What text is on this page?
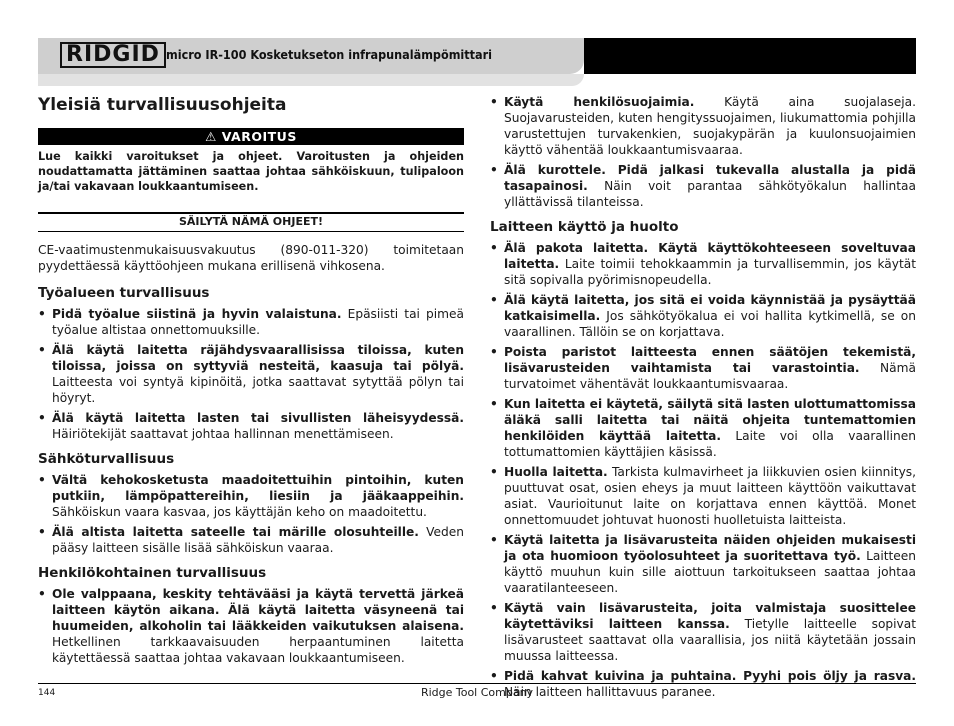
RIDGID micro IR-100 Kosketukseton infrapunalämpömittari
Yleisiä turvallisuusohjeita
⚠ VAROITUS

Lue kaikki varoitukset ja ohjeet. Varoitusten ja ohjeiden noudattamatta jättäminen saattaa johtaa sähköiskuun, tulipaloon ja/tai vakavaan loukkaantumiseen.

SÄILYTÄ NÄMÄ OHJEET!

CE-vaatimustenmukaisuusvakuutus (890-011-320) toimitetaan pyydettäessä käyttöohjeen mukana erillisenä vihkosena.

Työalueen turvallisuus
• Pidä työalue siistinä ja hyvin valaistuna. Epäsiisti tai pimeä työalue altistaa onnettomuuksille.
• Älä käytä laitetta räjähdysvaarallisissa tiloissa, kuten tiloissa, joissa on syttyviä nesteitä, kaasuja tai pölyä. Laitteesta voi syntyä kipinöitä, jotka saattavat sytyttää pölyn tai höyryt.
• Älä käytä laitetta lasten tai sivullisten läheisyydessä. Häiriötekijät saattavat johtaa hallinnan menettämiseen.
Sähköturvallisuus
• Vältä kehokosketusta maadoitettuihin pintoihin, kuten putkiin, lämpöpattereihin, liesiin ja jääkaappeihin. Sähköiskun vaara kasvaa, jos käyttäjän keho on maadoitettu.
• Älä altista laitetta sateelle tai märille olosuhteille. Veden pääsy laitteen sisälle lisää sähköiskun vaaraa.
Henkilökohtainen turvallisuus
• Ole valppaana, keskity tehtävääsi ja käytä tervettä järkeä laitteen käytön aikana. Älä käytä laitetta väsyneenä tai huumeiden, alkoholin tai lääkkeiden vaikutuksen alaisena. Hetkellinen tarkkaavaisuuden herpaantuminen laitetta käytettäessä saattaa johtaa vakavaan loukkaantumiseen.
• Käytä henkilösuojaimia. Käytä aina suojalaseja. Suojavarusteiden, kuten hengityssuojaimen, liukumattomia pohjilla varustettujen turvakenkien, suojakypärän ja kuulonsuojaimien käyttö vähentää loukkaantumisvaaraa.
• Älä kurottele. Pidä jalkasi tukevalla alustalla ja pidä tasapainosi. Näin voit parantaa sähkötyökalun hallintaa yllättävissä tilanteissa.
Laitteen käyttö ja huolto
• Älä pakota laitetta. Käytä käyttökohteeseen soveltuvaa laitetta. Laite toimii tehokkaammin ja turvallisemmin, jos käytät sitä sopivalla pyörimisnopeudella.
• Älä käytä laitetta, jos sitä ei voida käynnistää ja pysäyttää katkaisimella. Jos sähkötyökalua ei voi hallita kytkimellä, se on vaarallinen. Tällöin se on korjattava.
• Poista paristot laitteesta ennen säätöjen tekemistä, lisävarusteiden vaihtamista tai varastointia. Nämä turvatoimet vähentävät loukkaantumisvaaraa.
• Kun laitetta ei käytetä, säilytä sitä lasten ulottumattomissa äläkä salli laitetta tai näitä ohjeita tuntemattomien henkilöiden käyttää laitetta. Laite voi olla vaarallinen tottumattomien käyttäjien käsissä.
• Huolla laitetta. Tarkista kulmavirheet ja liikkuvien osien kiinnitys, puuttuvat osat, osien eheys ja muut laitteen käyttöön vaikuttavat asiat. Vaurioitunut laite on korjattava ennen käyttöä. Monet onnettomuudet johtuvat huonosti huolletuista laitteista.
• Käytä laitetta ja lisävarusteita näiden ohjeiden mukaisesti ja ota huomioon työolosuhteet ja suoritettava työ. Laitteen käyttö muuhun kuin sille aiottuun tarkoitukseen saattaa johtaa vaaratilanteeseen.
• Käytä vain lisävarusteita, joita valmistaja suosittelee käytettäviksi laitteen kanssa. Tietylle laitteelle sopivat lisävarusteet saattavat olla vaarallisia, jos niitä käytetään jossain muussa laitteessa.
• Pidä kahvat kuivina ja puhtaina. Pyyhi pois öljy ja rasva. Näin laitteen hallittavuus paranee.
144	Ridge Tool Company
